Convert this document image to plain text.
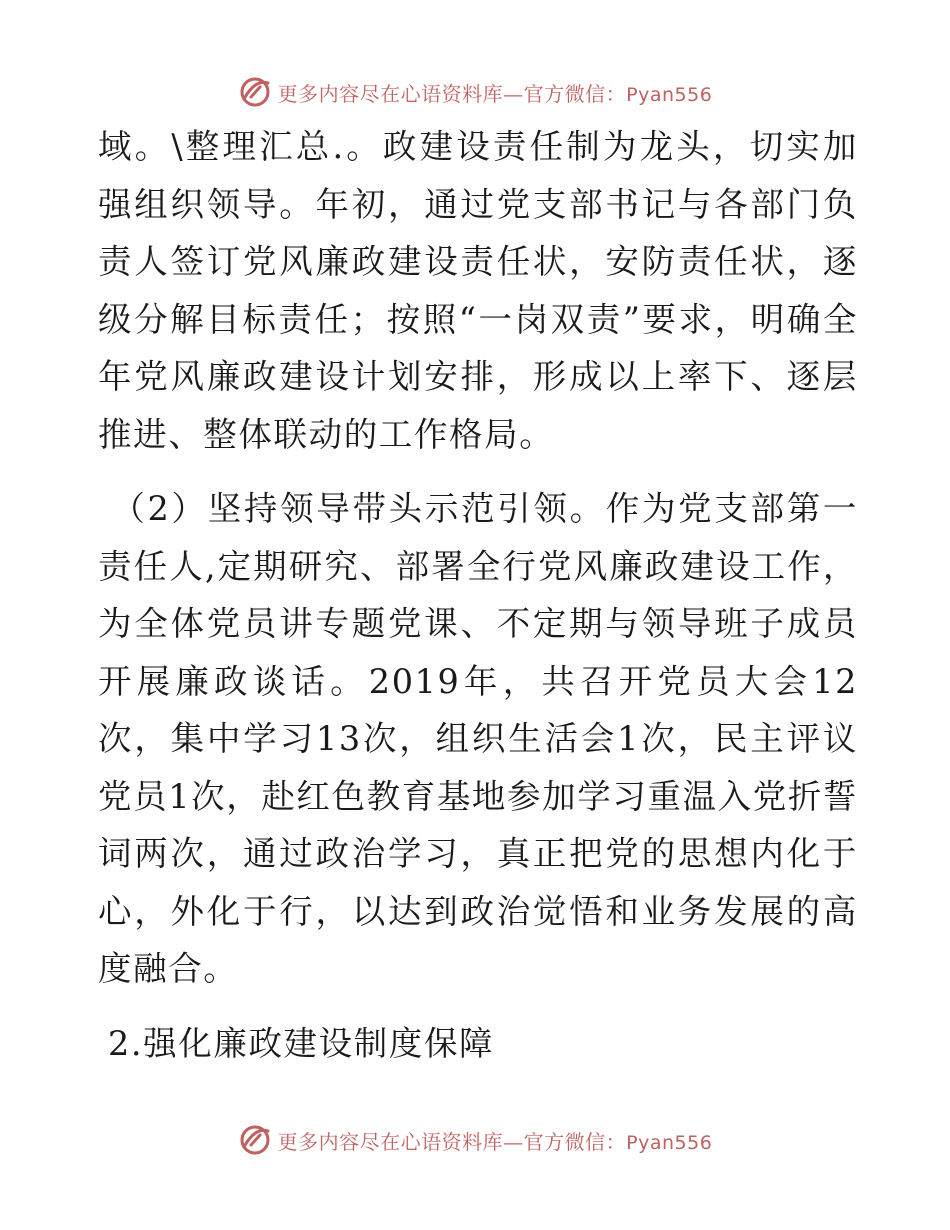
更多内容尽在心语资料库—官方微信：Pyan556

域。\整理汇总.。政建设责任制为龙头，切实加强组织领导。年初，通过党支部书记与各部门负责人签订党风廉政建设责任状，安防责任状，逐级分解目标责任；按照“一岗双责”要求，明确全年党风廉政建设计划安排，形成以上率下、逐层推进、整体联动的工作格局。

（2）坚持领导带头示范引领。作为党支部第一责任人,定期研究、部署全行党风廉政建设工作，为全体党员讲专题党课、不定期与领导班子成员开展廉政谈话。2019年，共召开党员大会12次，集中学习13次，组织生活会1次，民主评议党员1次，赴红色教育基地参加学习重温入党折誓词两次，通过政治学习，真正把党的思想内化于心，外化于行，以达到政治觉悟和业务发展的高度融合。

2.强化廉政建设制度保障

更多内容尽在心语资料库—官方微信：Pyan556
